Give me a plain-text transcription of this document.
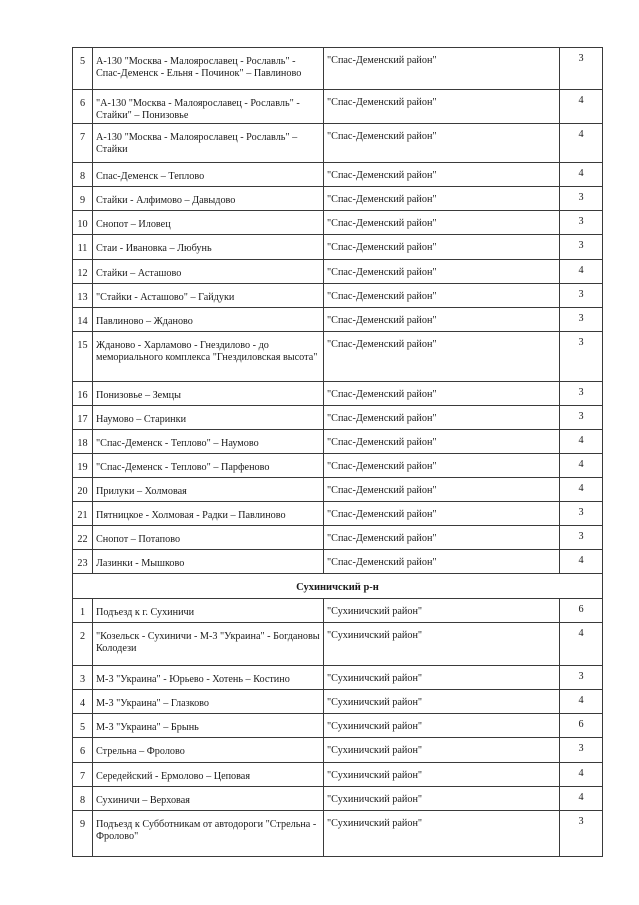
5	А-130 "Москва - Малоярославец - Рославль" - Спас-Деменск - Ельня - Починок" – Павлиново	"Спас-Деменский район"	3
6	"А-130 "Москва - Малоярославец - Рославль" - Стайки" – Понизовье	"Спас-Деменский район"	4
7	А-130 "Москва - Малоярославец - Рославль" – Стайки	"Спас-Деменский район"	4
8	Спас-Деменск – Теплово	"Спас-Деменский район"	4
9	Стайки - Алфимово – Давыдово	"Спас-Деменский район"	3
10	Снопот – Иловец	"Спас-Деменский район"	3
11	Стаи - Ивановка – Любунь	"Спас-Деменский район"	3
12	Стайки – Асташово	"Спас-Деменский район"	4
13	"Стайки - Асташово" – Гайдуки	"Спас-Деменский район"	3
14	Павлиново – Жданово	"Спас-Деменский район"	3
15	Жданово - Харламово - Гнездилово - до мемориального комплекса "Гнездиловская высота"	"Спас-Деменский район"	3
16	Понизовье – Земцы	"Спас-Деменский район"	3
17	Наумово – Старинки	"Спас-Деменский район"	3
18	"Спас-Деменск - Теплово" – Наумово	"Спас-Деменский район"	4
19	"Спас-Деменск - Теплово" – Парфеново	"Спас-Деменский район"	4
20	Прилуки – Холмовая	"Спас-Деменский район"	4
21	Пятницкое - Холмовая - Радки – Павлиново	"Спас-Деменский район"	3
22	Снопот – Потапово	"Спас-Деменский район"	3
23	Лазинки - Мышково	"Спас-Деменский район"	4
Сухиничский р-н			
1	Подъезд к г. Сухиничи	"Сухиничский район"	6
2	"Козельск - Сухиничи - М-3 "Украина" - Богдановы Колодези	"Сухиничский район"	4
3	М-3 "Украина" - Юрьево - Хотень – Костино	"Сухиничский район"	3
4	М-3 "Украина" – Глазково	"Сухиничский район"	4
5	М-3 "Украина" – Брынь	"Сухиничский район"	6
6	Стрельна – Фролово	"Сухиничский район"	3
7	Середейский - Ермолово – Цеповая	"Сухиничский район"	4
8	Сухиничи – Верховая	"Сухиничский район"	4
9	Подъезд к Субботникам от автодороги "Стрельна - Фролово"	"Сухиничский район"	3
